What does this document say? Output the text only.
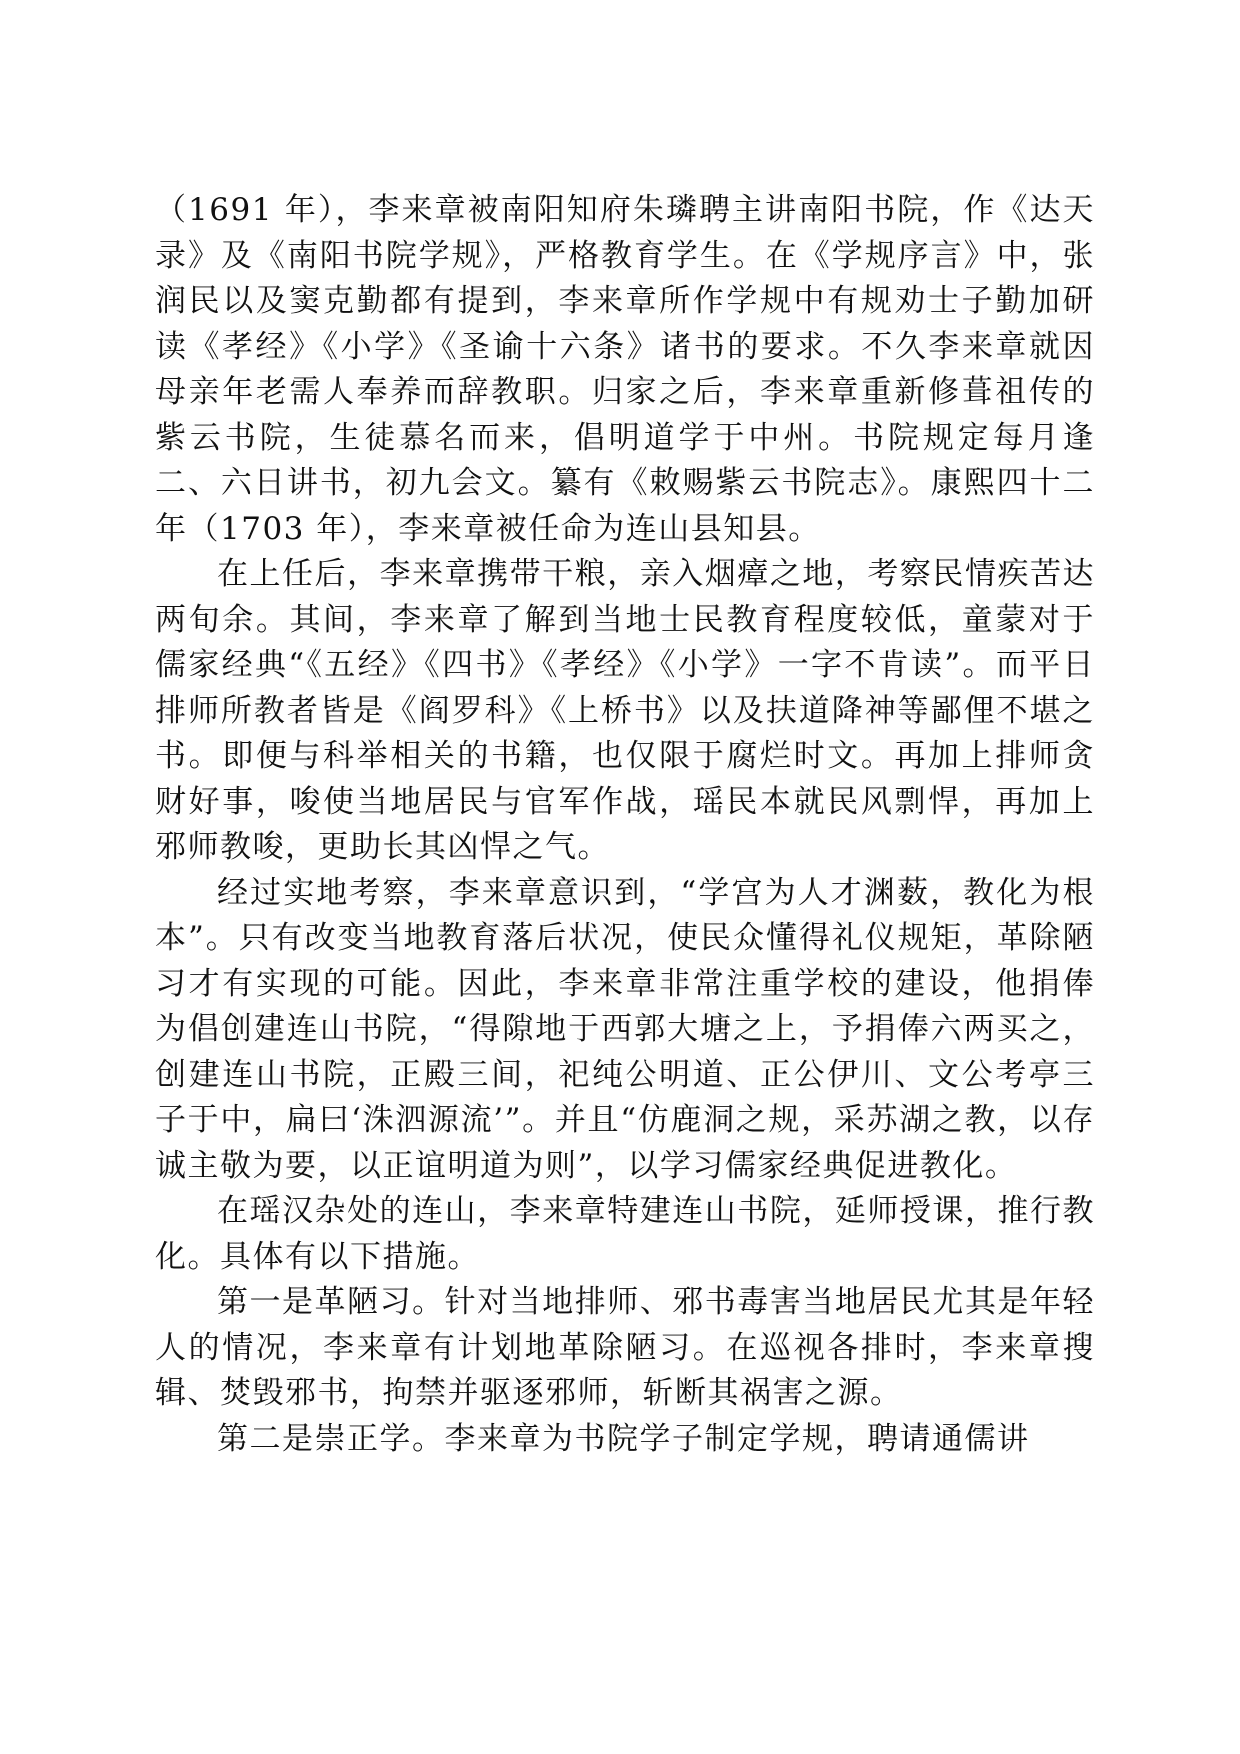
（1691 年），李来章被南阳知府朱璘聘主讲南阳书院，作《达天录》及《南阳书院学规》，严格教育学生。在《学规序言》中，张润民以及窦克勤都有提到，李来章所作学规中有规劝士子勤加研读《孝经》《小学》《圣谕十六条》诸书的要求。不久李来章就因母亲年老需人奉养而辞教职。归家之后，李来章重新修葺祖传的紫云书院，生徒慕名而来，倡明道学于中州。书院规定每月逢二、六日讲书，初九会文。纂有《敕赐紫云书院志》。康熙四十二年（1703 年），李来章被任命为连山县知县。

在上任后，李来章携带干粮，亲入烟瘴之地，考察民情疾苦达两旬余。其间，李来章了解到当地士民教育程度较低，童蒙对于儒家经典“《五经》《四书》《孝经》《小学》一字不肯读”。而平日排师所教者皆是《阎罗科》《上桥书》以及扶道降神等鄙俚不堪之书。即便与科举相关的书籍，也仅限于腐烂时文。再加上排师贪财好事，唆使当地居民与官军作战，瑶民本就民风剽悍，再加上邪师教唆，更助长其凶悍之气。

经过实地考察，李来章意识到，“学宫为人才渊薮，教化为根本”。只有改变当地教育落后状况，使民众懂得礼仪规矩，革除陋习才有实现的可能。因此，李来章非常注重学校的建设，他捐俸为倡创建连山书院，“得隙地于西郭大塘之上，予捐俸六两买之，创建连山书院，正殿三间，祀纯公明道、正公伊川、文公考亭三子于中，扁曰‘洙泗源流’”。并且“仿鹿洞之规，采苏湖之教，以存诚主敬为要，以正谊明道为则”，以学习儒家经典促进教化。

在瑶汉杂处的连山，李来章特建连山书院，延师授课，推行教化。具体有以下措施。

第一是革陋习。针对当地排师、邪书毒害当地居民尤其是年轻人的情况，李来章有计划地革除陋习。在巡视各排时，李来章搜辑、焚毁邪书，拘禁并驱逐邪师，斩断其祸害之源。

第二是崇正学。李来章为书院学子制定学规，聘请通儒讲
